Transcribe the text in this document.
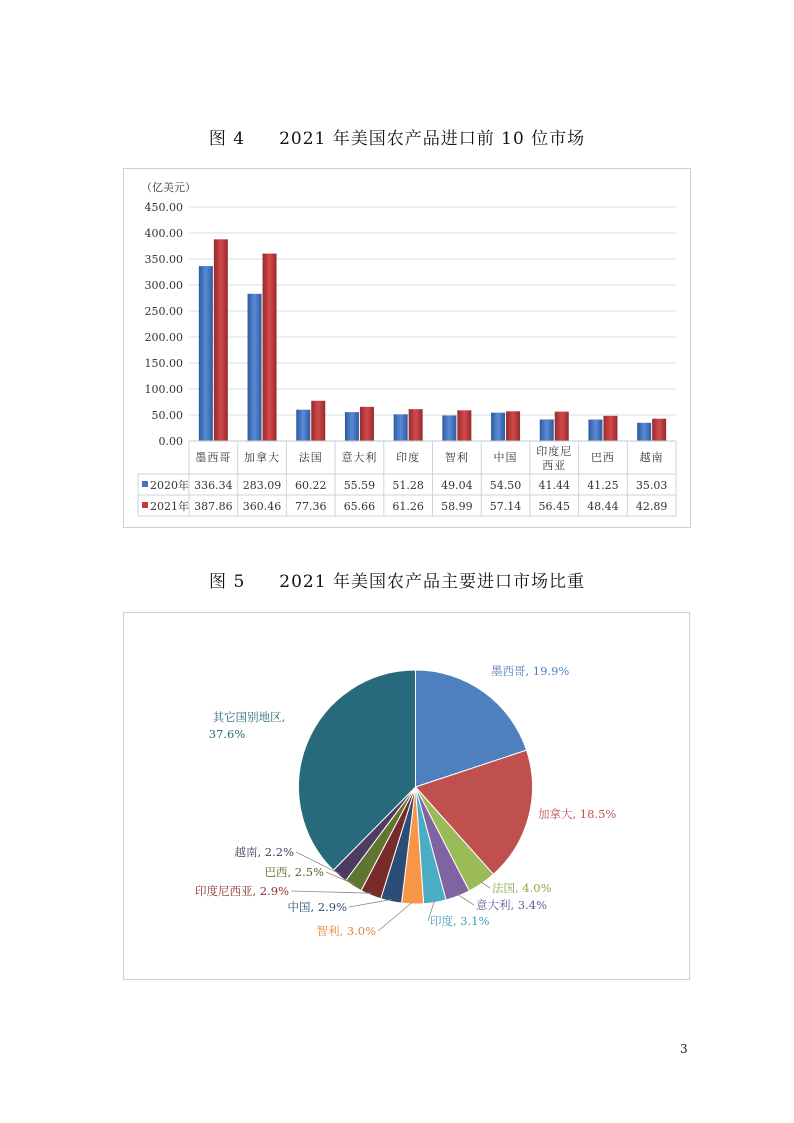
图 4 2021 年美国农产品进口前 10 位市场
（亿美元）
0.00
50.00
100.00
150.00
200.00
250.00
300.00
350.00
400.00
450.00
墨西哥
336.34
387.86
加拿大
283.09
360.46
法国
60.22
77.36
意大利
55.59
65.66
印度
51.28
61.26
智利
49.04
58.99
中国
54.50
57.14
印度尼
西亚
41.44
56.45
巴西
41.25
48.44
越南
35.03
42.89
2020年
2021年
图 5 2021 年美国农产品主要进口市场比重
墨西哥, 19.9%
加拿大, 18.5%
法国, 4.0%
意大利, 3.4%
印度, 3.1%
智利, 3.0%
中国, 2.9%
印度尼西亚, 2.9%
巴西, 2.5%
越南, 2.2%
其它国别地区,
37.6%
3
